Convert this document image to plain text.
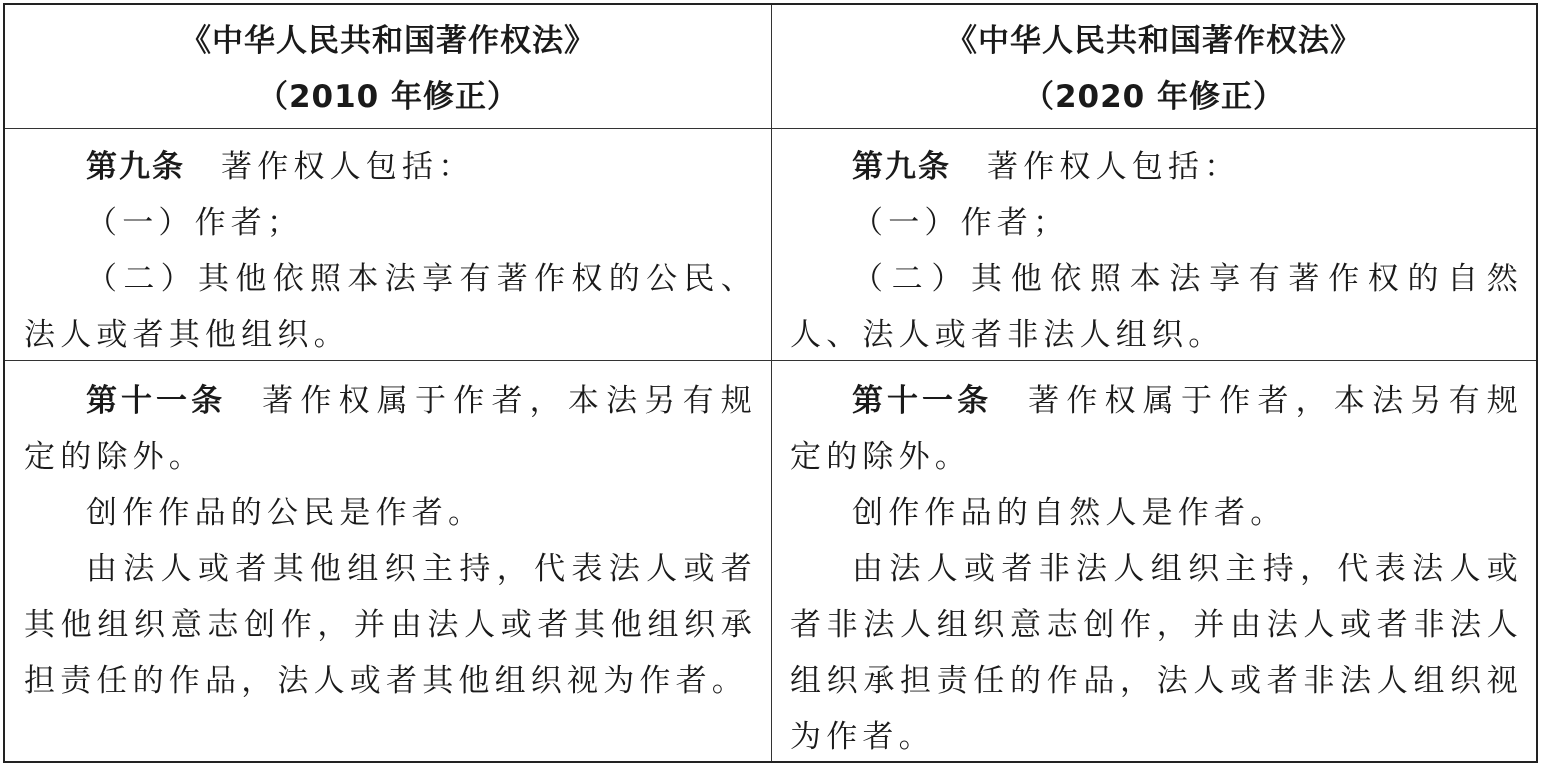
《中华人民共和国著作权法》
（2010 年修正）
《中华人民共和国著作权法》
（2020 年修正）

第九条 著作权人包括：

（一）作者；

（二）其他依照本法享有著作权的公民、法人或者其他组织。

第九条 著作权人包括：

（一）作者；

（二）其他依照本法享有著作权的自然人、法人或者非法人组织。

第十一条 著作权属于作者，本法另有规定的除外。

创作作品的公民是作者。

由法人或者其他组织主持，代表法人或者其他组织意志创作，并由法人或者其他组织承担责任的作品，法人或者其他组织视为作者。

第十一条 著作权属于作者，本法另有规定的除外。

创作作品的自然人是作者。

由法人或者非法人组织主持，代表法人或者非法人组织意志创作，并由法人或者非法人组织承担责任的作品，法人或者非法人组织视为作者。
